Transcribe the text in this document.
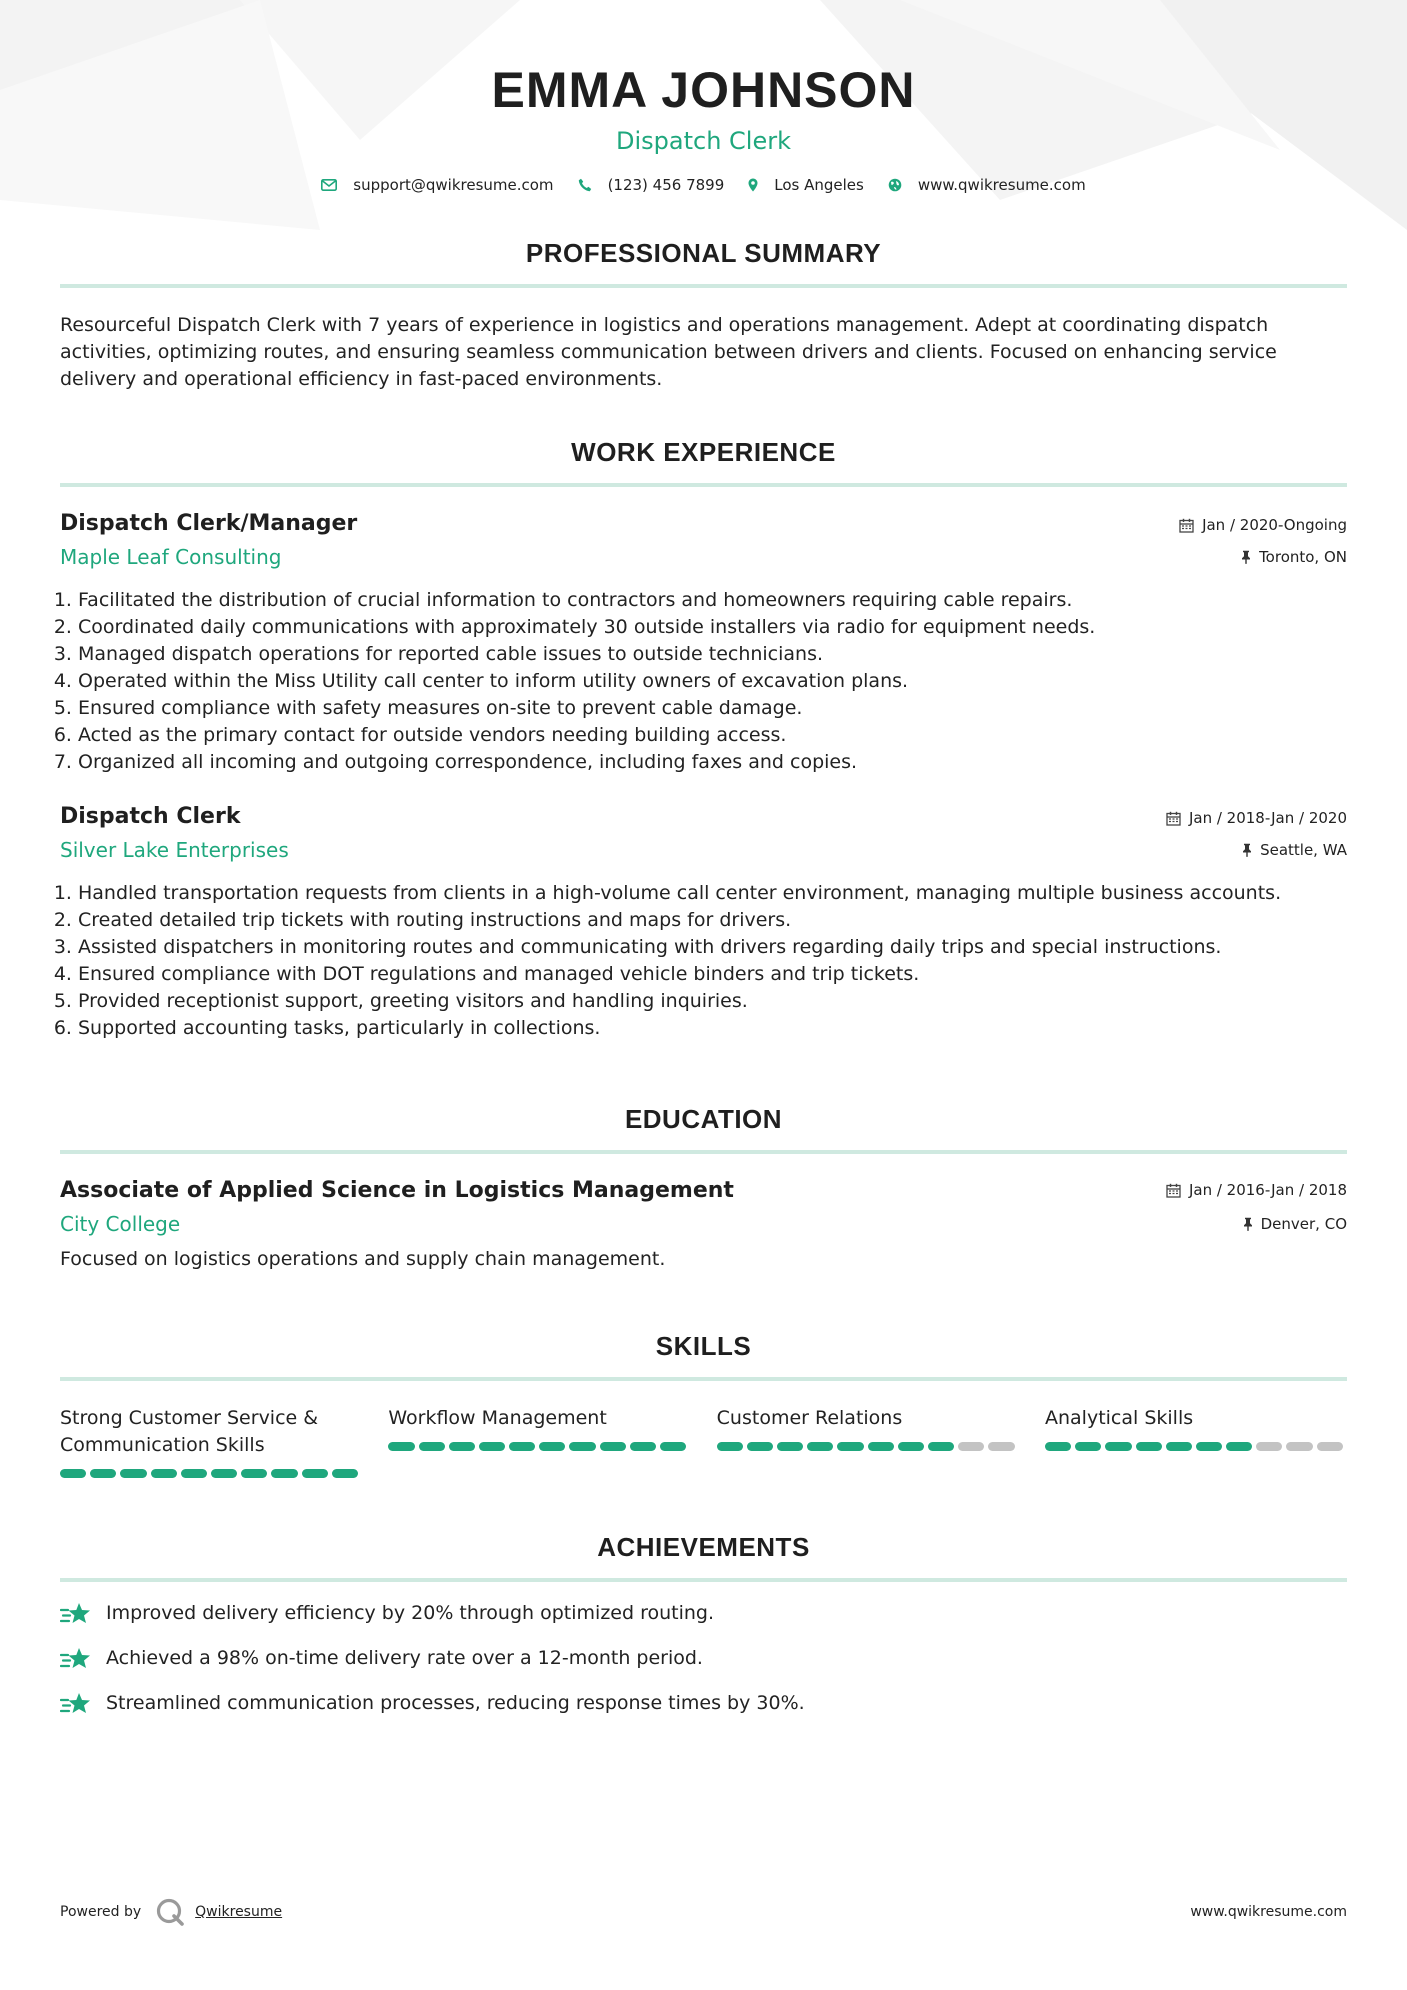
EMMA JOHNSON
Dispatch Clerk
support@qwikresume.com	(123) 456 7899	Los Angeles	www.qwikresume.com
PROFESSIONAL SUMMARY

Resourceful Dispatch Clerk with 7 years of experience in logistics and operations management. Adept at coordinating dispatch activities, optimizing routes, and ensuring seamless communication between drivers and clients. Focused on enhancing service delivery and operational efficiency in fast-paced environments.

WORK EXPERIENCE
Dispatch Clerk/Manager	Jan / 2020-Ongoing
Maple Leaf Consulting	Toronto, ON
1. Facilitated the distribution of crucial information to contractors and homeowners requiring cable repairs.
2. Coordinated daily communications with approximately 30 outside installers via radio for equipment needs.
3. Managed dispatch operations for reported cable issues to outside technicians.
4. Operated within the Miss Utility call center to inform utility owners of excavation plans.
5. Ensured compliance with safety measures on-site to prevent cable damage.
6. Acted as the primary contact for outside vendors needing building access.
7. Organized all incoming and outgoing correspondence, including faxes and copies.
Dispatch Clerk	Jan / 2018-Jan / 2020
Silver Lake Enterprises	Seattle, WA
1. Handled transportation requests from clients in a high-volume call center environment, managing multiple business accounts.
2. Created detailed trip tickets with routing instructions and maps for drivers.
3. Assisted dispatchers in monitoring routes and communicating with drivers regarding daily trips and special instructions.
4. Ensured compliance with DOT regulations and managed vehicle binders and trip tickets.
5. Provided receptionist support, greeting visitors and handling inquiries.
6. Supported accounting tasks, particularly in collections.
EDUCATION
Associate of Applied Science in Logistics Management	Jan / 2016-Jan / 2018
City College	Denver, CO

Focused on logistics operations and supply chain management.

SKILLS
Strong Customer Service & Communication Skills
Workflow Management	Customer Relations	Analytical Skills
ACHIEVEMENTS
Improved delivery efficiency by 20% through optimized routing.
Achieved a 98% on-time delivery rate over a 12-month period.
Streamlined communication processes, reducing response times by 30%.
Powered by	Qwikresume	www.qwikresume.com
